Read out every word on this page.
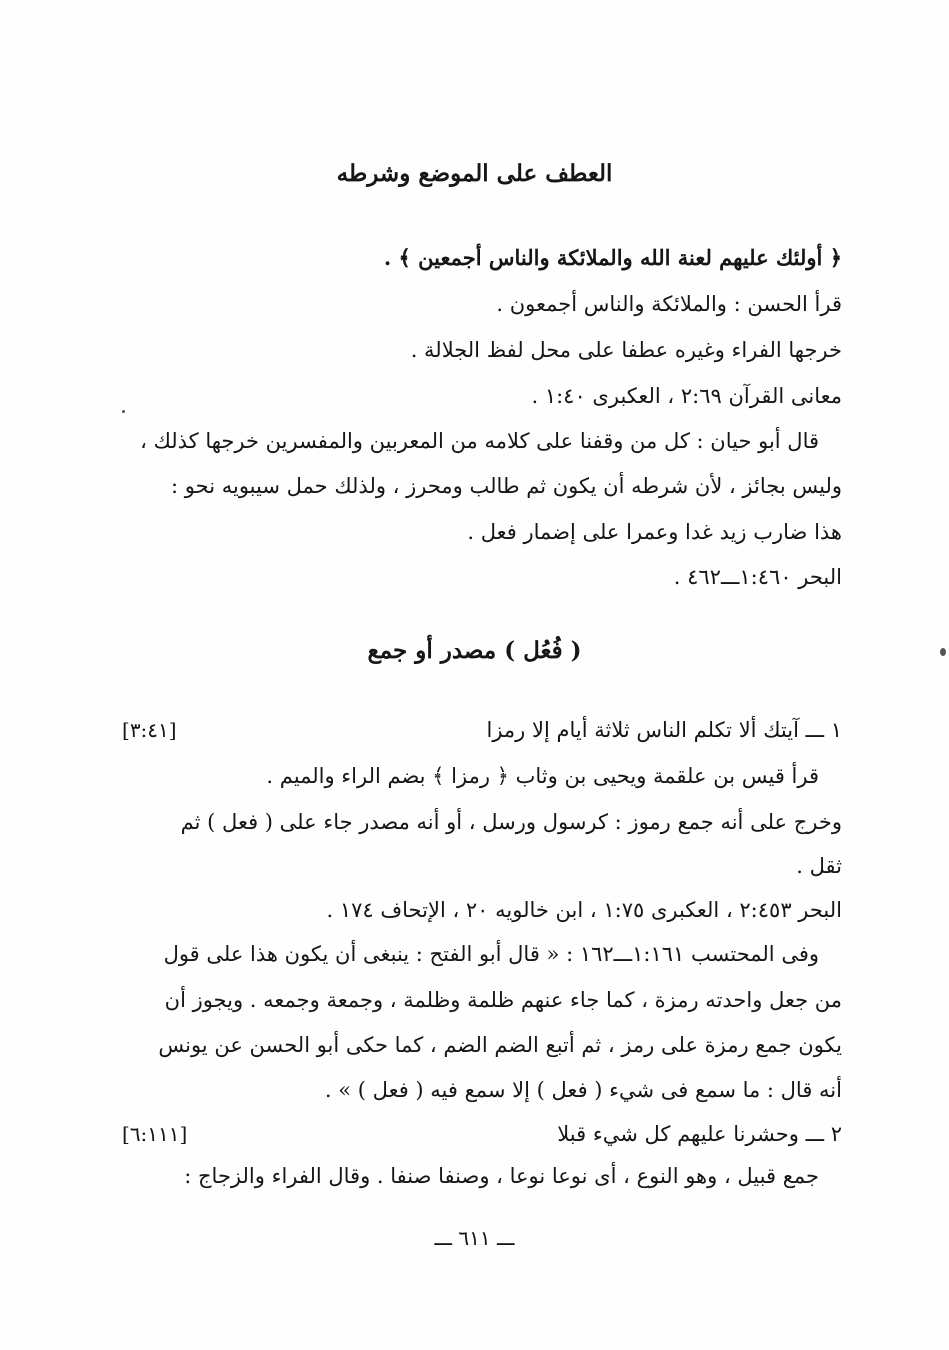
العطف على الموضع وشرطه
﴿ أولئك عليهم لعنة الله والملائكة والناس أجمعين ﴾ .
قرأ الحسن : والملائكة والناس أجمعون .
خرجها الفراء وغيره عطفا على محل لفظ الجلالة .
معانى القرآن ٢:٦٩ ، العكبرى ١:٤٠ .
قال أبو حيان : كل من وقفنا على كلامه من المعربين والمفسرين خرجها كذلك ،
وليس بجائز ، لأن شرطه أن يكون ثم طالب ومحرز ، ولذلك حمل سيبويه نحو :
هذا ضارب زيد غدا وعمرا على إضمار فعل .
البحر ١:٤٦٠ـــ٤٦٢ .
( فُعُل ) مصدر أو جمع
١ ـــ آيتك ألا تكلم الناس ثلاثة أيام إلا رمزا
[٣:٤١]
قرأ قيس بن علقمة ويحيى بن وثاب ﴿ رمزا ﴾ بضم الراء والميم .
وخرج على أنه جمع رموز : كرسول ورسل ، أو أنه مصدر جاء على ( فعل ) ثم
ثقل .
البحر ٢:٤٥٣ ، العكبرى ١:٧٥ ، ابن خالويه ٢٠ ، الإتحاف ١٧٤ .
وفى المحتسب ١:١٦١ـــ١٦٢ : « قال أبو الفتح : ينبغى أن يكون هذا على قول
من جعل واحدته رمزة ، كما جاء عنهم ظلمة وظلمة ، وجمعة وجمعه . ويجوز أن
يكون جمع رمزة على رمز ، ثم أتبع الضم الضم ، كما حكى أبو الحسن عن يونس
أنه قال : ما سمع فى شيء ( فعل ) إلا سمع فيه ( فعل ) » .
٢ ـــ وحشرنا عليهم كل شيء قبلا
[٦:١١١]
جمع قبيل ، وهو النوع ، أى نوعا نوعا ، وصنفا صنفا . وقال الفراء والزجاج :
ـــ ٦١١ ـــ
